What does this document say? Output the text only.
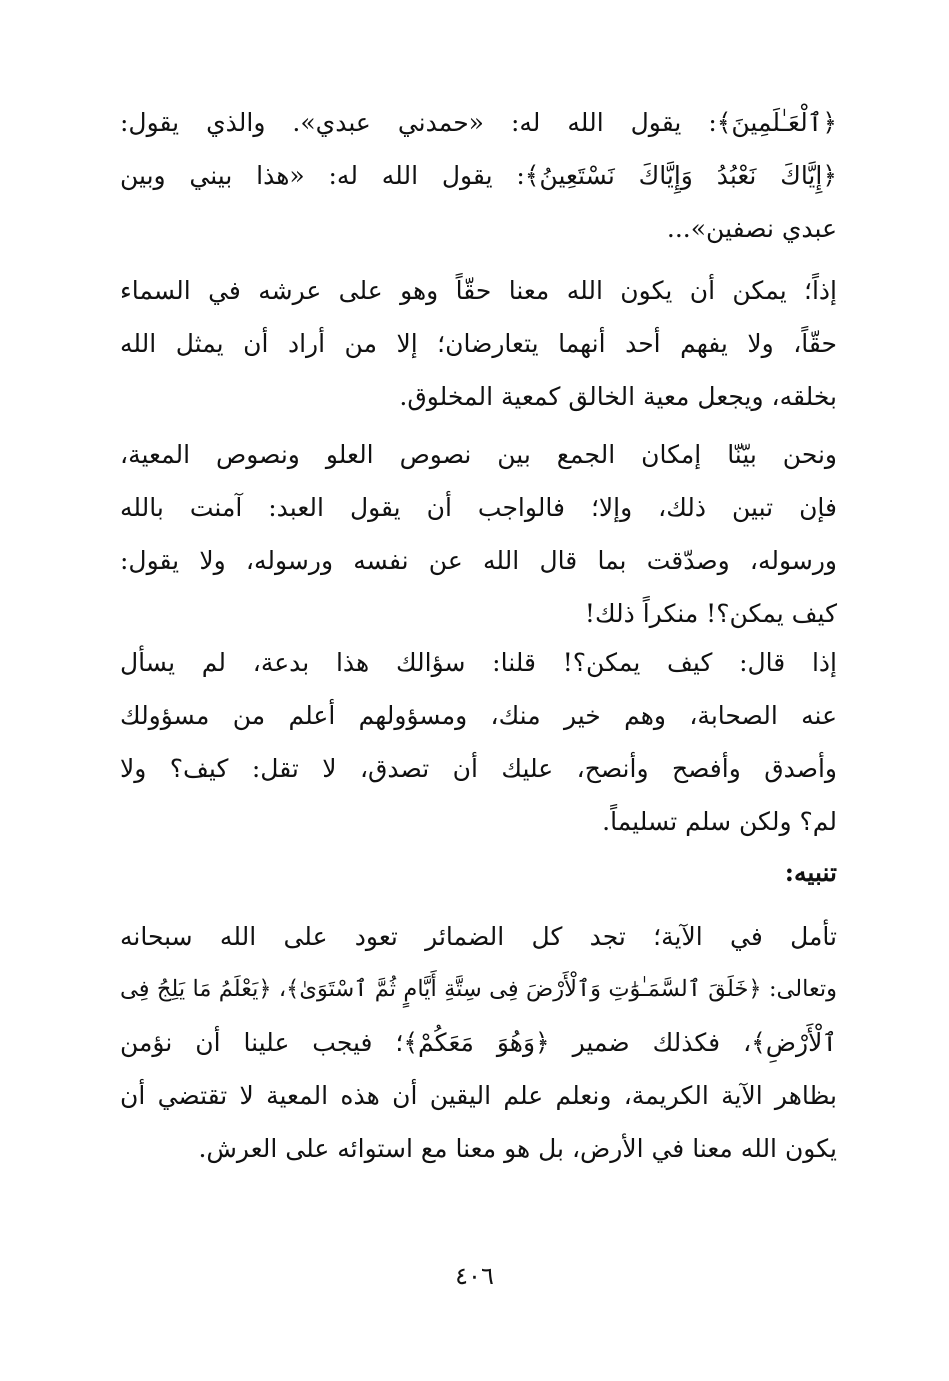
﴿ٱلْعَـٰلَمِينَ﴾: يقول الله له: «حمدني عبدي». والذي يقول:
﴿إِيَّاكَ نَعْبُدُ وَإِيَّاكَ نَسْتَعِينُ﴾: يقول الله له: «هذا بيني وبين
عبدي نصفين»...
إذاً؛ يمكن أن يكون الله معنا حقّاً وهو على عرشه في السماء
حقّاً، ولا يفهم أحد أنهما يتعارضان؛ إلا من أراد أن يمثل الله
بخلقه، ويجعل معية الخالق كمعية المخلوق.
ونحن بيّنّا إمكان الجمع بين نصوص العلو ونصوص المعية،
فإن تبين ذلك، وإلا؛ فالواجب أن يقول العبد: آمنت بالله
ورسوله، وصدّقت بما قال الله عن نفسه ورسوله، ولا يقول:
كيف يمكن؟! منكراً ذلك!
إذا قال: كيف يمكن؟! قلنا: سؤالك هذا بدعة، لم يسأل
عنه الصحابة، وهم خير منك، ومسؤولهم أعلم من مسؤولك
وأصدق وأفصح وأنصح، عليك أن تصدق، لا تقل: كيف؟ ولا
لم؟ ولكن سلم تسليماً.
تنبيه:
تأمل في الآية؛ تجد كل الضمائر تعود على الله سبحانه
وتعالى: ﴿خَلَقَ ٱلسَّمَـٰوَٰتِ وَٱلْأَرْضَ فِى سِتَّةِ أَيَّامٍ ثُمَّ ٱسْتَوَىٰ﴾، ﴿يَعْلَمُ مَا يَلِجُ فِى
ٱلْأَرْضِ﴾، فكذلك ضمير ﴿وَهُوَ مَعَكُمْ﴾؛ فيجب علينا أن نؤمن
بظاهر الآية الكريمة، ونعلم علم اليقين أن هذه المعية لا تقتضي أن
يكون الله معنا في الأرض، بل هو معنا مع استوائه على العرش.
٤٠٦
